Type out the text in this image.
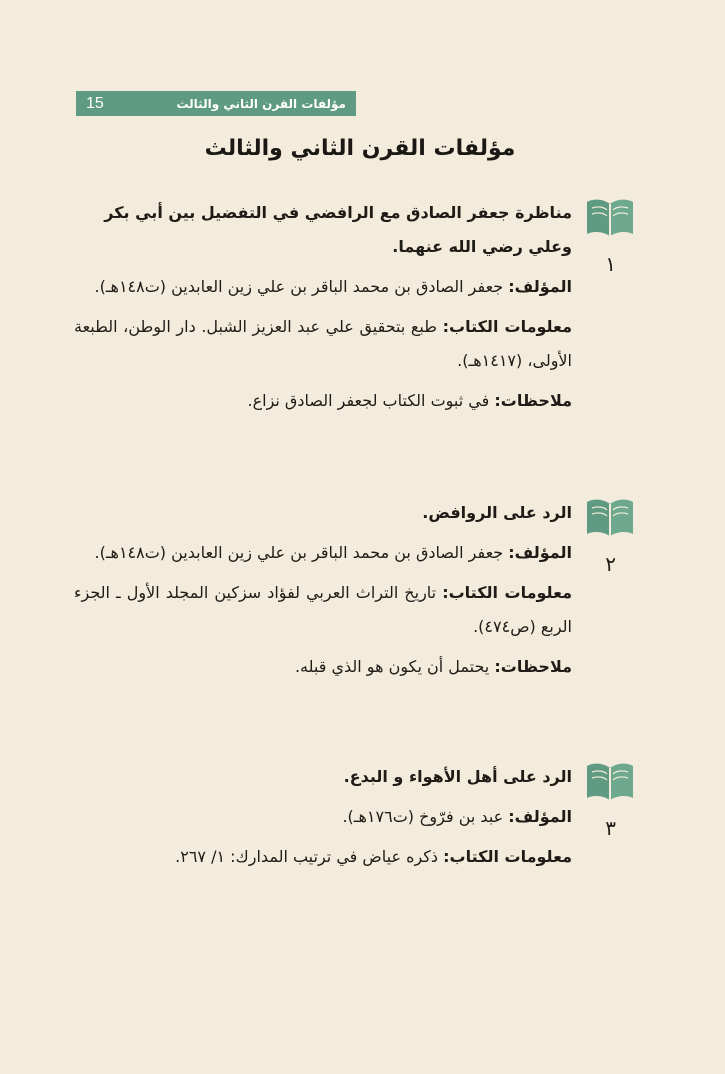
15	مؤلفات القرن الثاني والثالث
مؤلفات القرن الثاني والثالث
١

مناظرة جعفر الصادق مع الرافضي في التفضيل بين أبي بكر وعلي رضي الله عنهما.

المؤلف: جعفر الصادق بن محمد الباقر بن علي زين العابدين (ت١٤٨هـ).

معلومات الكتاب: طبع بتحقيق علي عبد العزيز الشبل. دار الوطن، الطبعة الأولى، (١٤١٧هـ).

ملاحظات: في ثبوت الكتاب لجعفر الصادق نزاع.

٢

الرد على الروافض.

المؤلف: جعفر الصادق بن محمد الباقر بن علي زين العابدين (ت١٤٨هـ).

معلومات الكتاب: تاريخ التراث العربي لفؤاد سزكين المجلد الأول ـ الجزء الربع (ص٤٧٤).

ملاحظات: يحتمل أن يكون هو الذي قبله.

٣

الرد على أهل الأهواء و البدع.

المؤلف: عبد بن فرّوخ (ت١٧٦هـ).

معلومات الكتاب: ذكره عياض في ترتيب المدارك: ١/ ٢٦٧.
